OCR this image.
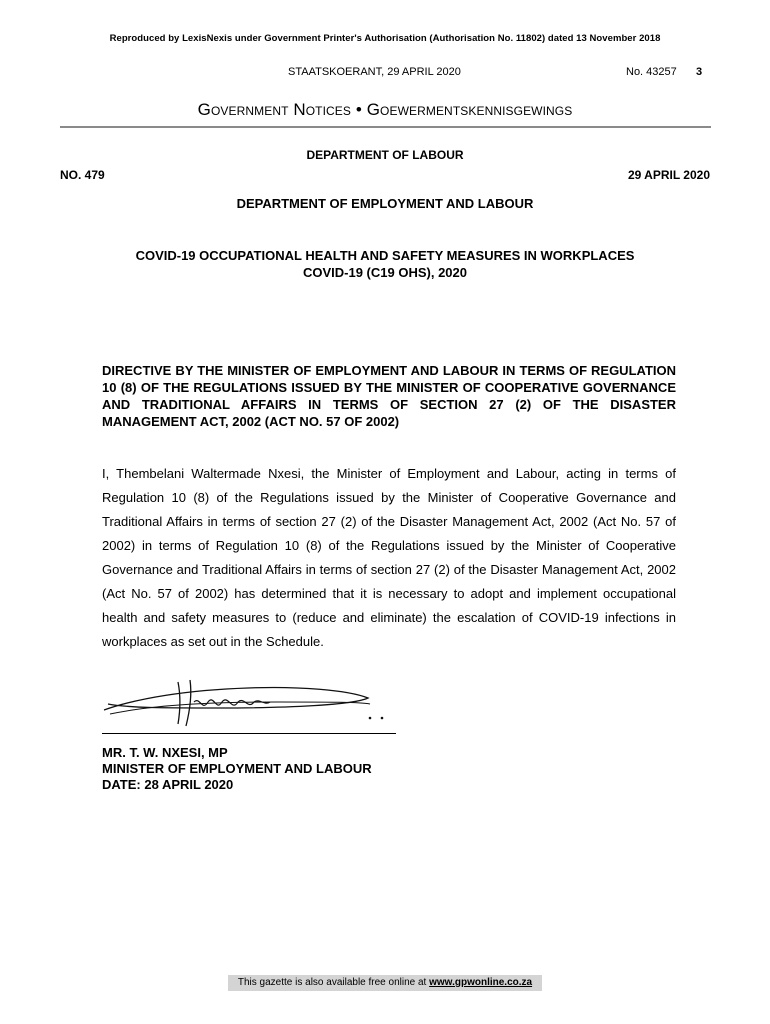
Reproduced by LexisNexis under Government Printer's Authorisation (Authorisation No. 11802) dated 13 November 2018
STAATSKOERANT, 29 APRIL 2020	No. 43257 3
Government Notices • Goewermentskennisgewings
DEPARTMENT OF LABOUR
NO. 479	29 APRIL 2020
DEPARTMENT OF EMPLOYMENT AND LABOUR
COVID-19 OCCUPATIONAL HEALTH AND SAFETY MEASURES IN WORKPLACES
COVID-19 (C19 OHS), 2020
DIRECTIVE BY THE MINISTER OF EMPLOYMENT AND LABOUR IN TERMS OF REGULATION 10 (8) OF THE REGULATIONS ISSUED BY THE MINISTER OF COOPERATIVE GOVERNANCE AND TRADITIONAL AFFAIRS IN TERMS OF SECTION 27 (2) OF THE DISASTER MANAGEMENT ACT, 2002 (ACT NO. 57 OF 2002)
I, Thembelani Waltermade Nxesi, the Minister of Employment and Labour, acting in terms of Regulation 10 (8) of the Regulations issued by the Minister of Cooperative Governance and Traditional Affairs in terms of section 27 (2) of the Disaster Management Act, 2002 (Act No. 57 of 2002) in terms of Regulation 10 (8) of the Regulations issued by the Minister of Cooperative Governance and Traditional Affairs in terms of section 27 (2) of the Disaster Management Act, 2002 (Act No. 57 of 2002) has determined that it is necessary to adopt and implement occupational health and safety measures to (reduce and eliminate) the escalation of COVID-19 infections in workplaces as set out in the Schedule.
MR. T. W. NXESI, MP
MINISTER OF EMPLOYMENT AND LABOUR
DATE: 28 APRIL 2020
This gazette is also available free online at www.gpwonline.co.za
